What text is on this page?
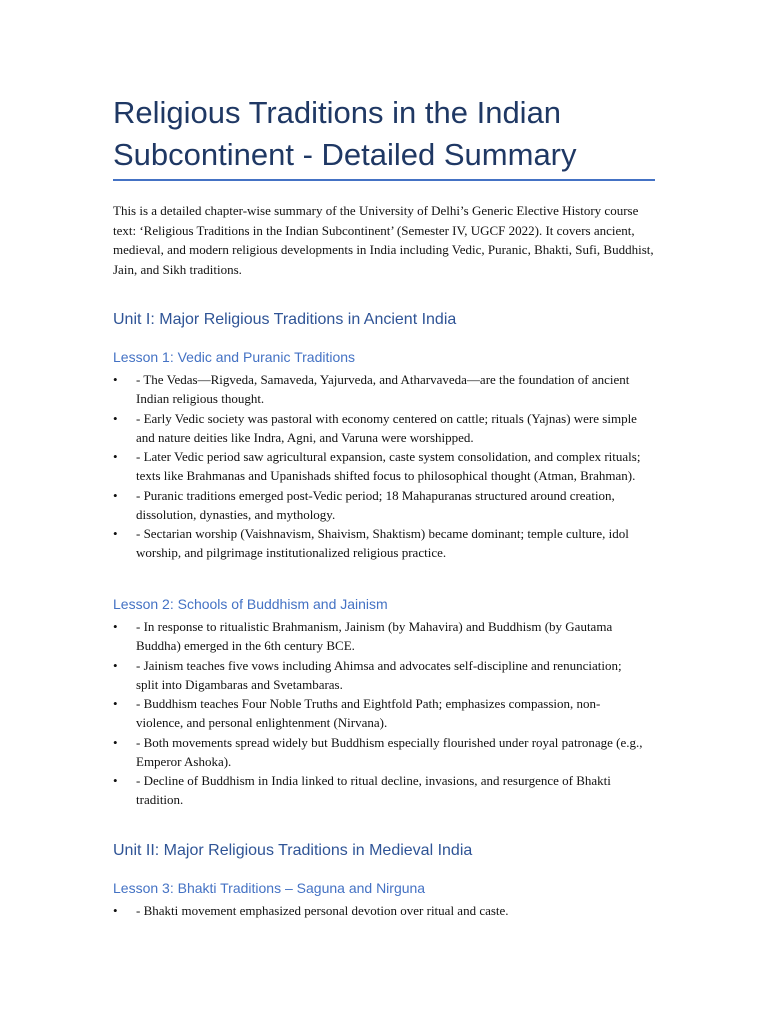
Religious Traditions in the Indian Subcontinent - Detailed Summary

This is a detailed chapter-wise summary of the University of Delhi’s Generic Elective History course text: ‘Religious Traditions in the Indian Subcontinent’ (Semester IV, UGCF 2022). It covers ancient, medieval, and modern religious developments in India including Vedic, Puranic, Bhakti, Sufi, Buddhist, Jain, and Sikh traditions.

Unit I: Major Religious Traditions in Ancient India
Lesson 1: Vedic and Puranic Traditions
• - The Vedas—Rigveda, Samaveda, Yajurveda, and Atharvaveda—are the foundation of ancient Indian religious thought.
• - Early Vedic society was pastoral with economy centered on cattle; rituals (Yajnas) were simple and nature deities like Indra, Agni, and Varuna were worshipped.
• - Later Vedic period saw agricultural expansion, caste system consolidation, and complex rituals; texts like Brahmanas and Upanishads shifted focus to philosophical thought (Atman, Brahman).
• - Puranic traditions emerged post-Vedic period; 18 Mahapuranas structured around creation, dissolution, dynasties, and mythology.
• - Sectarian worship (Vaishnavism, Shaivism, Shaktism) became dominant; temple culture, idol worship, and pilgrimage institutionalized religious practice.
Lesson 2: Schools of Buddhism and Jainism
• - In response to ritualistic Brahmanism, Jainism (by Mahavira) and Buddhism (by Gautama Buddha) emerged in the 6th century BCE.
• - Jainism teaches five vows including Ahimsa and advocates self-discipline and renunciation; split into Digambaras and Svetambaras.
• - Buddhism teaches Four Noble Truths and Eightfold Path; emphasizes compassion, non-violence, and personal enlightenment (Nirvana).
• - Both movements spread widely but Buddhism especially flourished under royal patronage (e.g., Emperor Ashoka).
• - Decline of Buddhism in India linked to ritual decline, invasions, and resurgence of Bhakti tradition.
Unit II: Major Religious Traditions in Medieval India
Lesson 3: Bhakti Traditions – Saguna and Nirguna
• - Bhakti movement emphasized personal devotion over ritual and caste.
